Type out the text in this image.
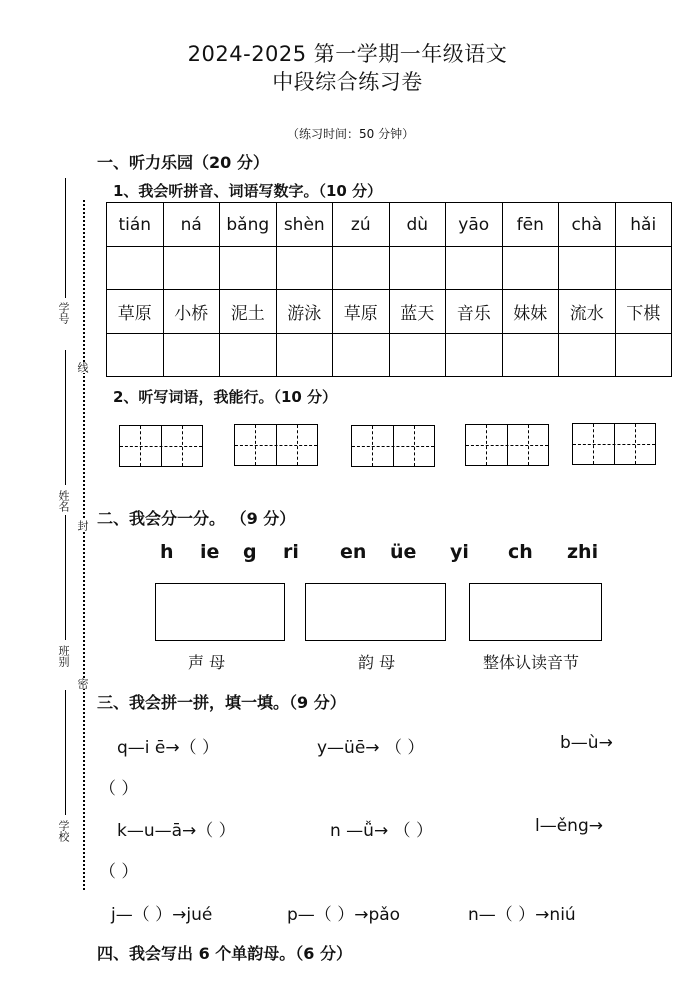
2024-2025 第一学期一年级语文
中段综合练习卷
（练习时间：50 分钟）
学号
姓名
班别
学校
线
封
密
一、听力乐园（20 分）
1、我会听拼音、词语写数字。（10 分）
tián	ná	bǎng	shèn	zú	dù	yāo	fēn	chà	hǎi

草原	小桥	泥土	游泳	草原	蓝天	音乐	妹妹	流水	下棋

2、听写词语，我能行。（10 分）
二、我会分一分。 （9 分）
h ie g ri en üe yi ch zhi
声 母	韵 母	整体认读音节
三、我会拼一拼，填一填。（9 分）
q—i ē→（ ）	y—üē→ （ ）	b—ù→
（ ）
k—u—ā→（ ）	n —ǚ→ （ ）	l—ěng→
（ ）
j—（ ）→jué	p—（ ）→pǎo	n—（ ）→niú
四、我会写出 6 个单韵母。（6 分）
